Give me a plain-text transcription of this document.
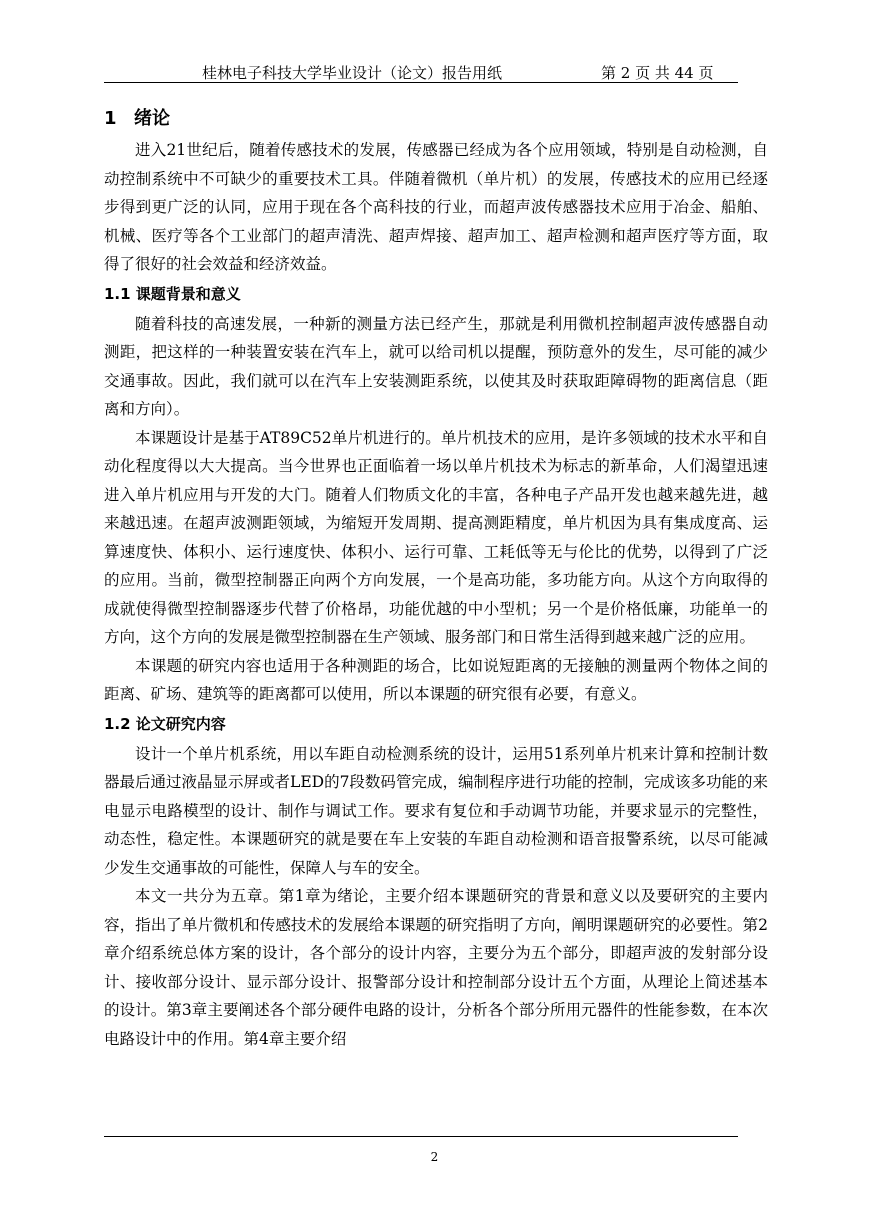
桂林电子科技大学毕业设计（论文）报告用纸	第 2 页 共 44 页
1 绪论

进入21世纪后，随着传感技术的发展，传感器已经成为各个应用领域，特别是自动检测，自动控制系统中不可缺少的重要技术工具。伴随着微机（单片机）的发展，传感技术的应用已经逐步得到更广泛的认同，应用于现在各个高科技的行业，而超声波传感器技术应用于冶金、船舶、机械、医疗等各个工业部门的超声清洗、超声焊接、超声加工、超声检测和超声医疗等方面，取得了很好的社会效益和经济效益。

1.1 课题背景和意义

随着科技的高速发展，一种新的测量方法已经产生，那就是利用微机控制超声波传感器自动测距，把这样的一种装置安装在汽车上，就可以给司机以提醒，预防意外的发生，尽可能的减少交通事故。因此，我们就可以在汽车上安装测距系统，以使其及时获取距障碍物的距离信息（距离和方向）。

本课题设计是基于AT89C52单片机进行的。单片机技术的应用，是许多领域的技术水平和自动化程度得以大大提高。当今世界也正面临着一场以单片机技术为标志的新革命，人们渴望迅速进入单片机应用与开发的大门。随着人们物质文化的丰富，各种电子产品开发也越来越先进，越来越迅速。在超声波测距领域，为缩短开发周期、提高测距精度，单片机因为具有集成度高、运算速度快、体积小、运行速度快、体积小、运行可靠、工耗低等无与伦比的优势，以得到了广泛的应用。当前，微型控制器正向两个方向发展，一个是高功能，多功能方向。从这个方向取得的成就使得微型控制器逐步代替了价格昂，功能优越的中小型机；另一个是价格低廉，功能单一的方向，这个方向的发展是微型控制器在生产领域、服务部门和日常生活得到越来越广泛的应用。

本课题的研究内容也适用于各种测距的场合，比如说短距离的无接触的测量两个物体之间的距离、矿场、建筑等的距离都可以使用，所以本课题的研究很有必要，有意义。

1.2 论文研究内容

设计一个单片机系统，用以车距自动检测系统的设计，运用51系列单片机来计算和控制计数器最后通过液晶显示屏或者LED的7段数码管完成，编制程序进行功能的控制，完成该多功能的来电显示电路模型的设计、制作与调试工作。要求有复位和手动调节功能，并要求显示的完整性，动态性，稳定性。本课题研究的就是要在车上安装的车距自动检测和语音报警系统，以尽可能减少发生交通事故的可能性，保障人与车的安全。

本文一共分为五章。第1章为绪论，主要介绍本课题研究的背景和意义以及要研究的主要内容，指出了单片微机和传感技术的发展给本课题的研究指明了方向，阐明课题研究的必要性。第2章介绍系统总体方案的设计，各个部分的设计内容，主要分为五个部分，即超声波的发射部分设计、接收部分设计、显示部分设计、报警部分设计和控制部分设计五个方面，从理论上简述基本的设计。第3章主要阐述各个部分硬件电路的设计，分析各个部分所用元器件的性能参数，在本次电路设计中的作用。第4章主要介绍

2
